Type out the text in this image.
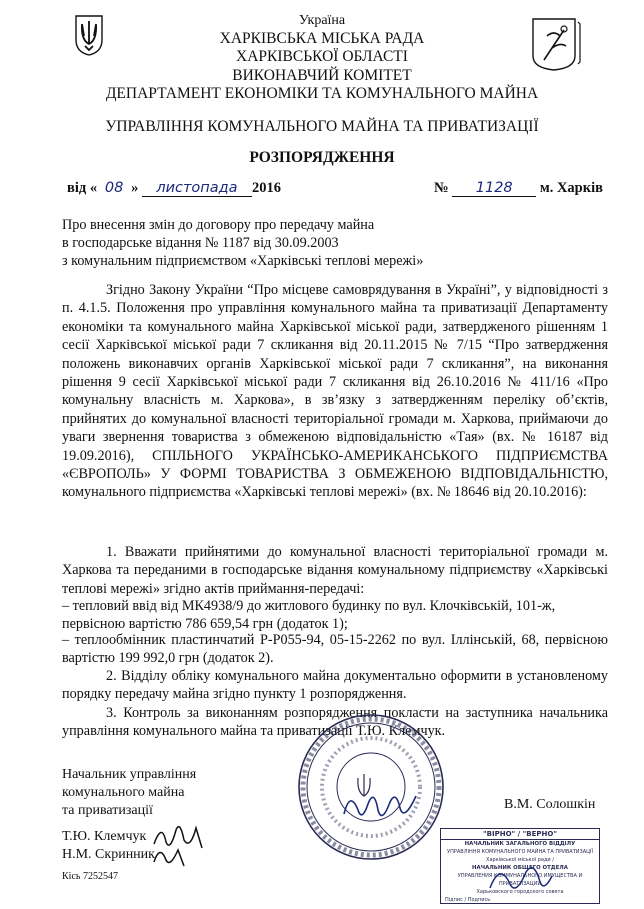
Україна
ХАРКІВСЬКА МІСЬКА РАДА
ХАРКІВСЬКОЇ ОБЛАСТІ
ВИКОНАВЧИЙ КОМІТЕТ
ДЕПАРТАМЕНТ ЕКОНОМІКИ ТА КОМУНАЛЬНОГО МАЙНА
УПРАВЛІННЯ КОМУНАЛЬНОГО МАЙНА ТА ПРИВАТИЗАЦІЇ
РОЗПОРЯДЖЕННЯ
від « 08 » листопада 2016	№ 1128 м. Харків
Про внесення змін до договору про передачу майна
в господарське відання № 1187 від 30.09.2003
з комунальним підприємством «Харківські теплові мережі»

Згідно Закону України “Про місцеве самоврядування в Україні”, у відповідності з п. 4.1.5. Положення про управління комунального майна та приватизації Департаменту економіки та комунального майна Харківської міської ради, затвердженого рішенням 1 сесії Харківської міської ради 7 скликання від 20.11.2015 № 7/15 “Про затвердження положень виконавчих органів Харківської міської ради 7 скликання”, на виконання рішення 9 сесії Харківської міської ради 7 скликання від 26.10.2016 № 411/16 «Про комунальну власність м. Харкова», в зв’язку з затвердженням переліку об’єктів, прийнятих до комунальної власності територіальної громади м. Харкова, приймаючи до уваги звернення товариства з обмеженою відповідальністю «Тая» (вх. № 16187 від 19.09.2016), СПІЛЬНОГО УКРАЇНСЬКО-АМЕРИКАНСЬКОГО ПІДПРИЄМСТВА «ЄВРОПОЛЬ» У ФОРМІ ТОВАРИСТВА З ОБМЕЖЕНОЮ ВІДПОВІДАЛЬНІСТЮ, комунального підприємства «Харківські теплові мережі» (вх. № 18646 від 20.10.2016):

1. Вважати прийнятими до комунальної власності територіальної громади м. Харкова та переданими в господарське відання комунальному підприємству «Харківські теплові мережі» згідно актів приймання-передачі:

– тепловий ввід від МК4938/9 до житлового будинку по вул. Клочківській, 101-ж,
первісною вартістю 786 659,54 грн (додаток 1);

– теплообмінник пластинчатий Р-Р055-94, 05-15-2262 по вул. Іллінській, 68, первісною вартістю 199 992,0 грн (додаток 2).

2. Відділу обліку комунального майна документально оформити в установленому порядку передачу майна згідно пункту 1 розпорядження.

3. Контроль за виконанням розпорядження покласти на заступника начальника управління комунального майна та приватизації Т.Ю. Клемчук.

Начальник управління
комунального майна
та приватизації	В.М. Солошкін
Т.Ю. Клемчук
Н.М. Скринник
Кісь 7252547
"ВІРНО" / "ВЕРНО"
НАЧАЛЬНИК ЗАГАЛЬНОГО ВІДДІЛУ
УПРАВЛІННЯ КОМУНАЛЬНОГО МАЙНА ТА ПРИВАТИЗАЦІЇ
Харківської міської ради /
НАЧАЛЬНИК ОБЩЕГО ОТДЕЛА
УПРАВЛЕНИЯ КОММУНАЛЬНОГО ИМУЩЕСТВА И ПРИВАТИЗАЦИИ
Харьковского городского совета
Підпис / Подпись
